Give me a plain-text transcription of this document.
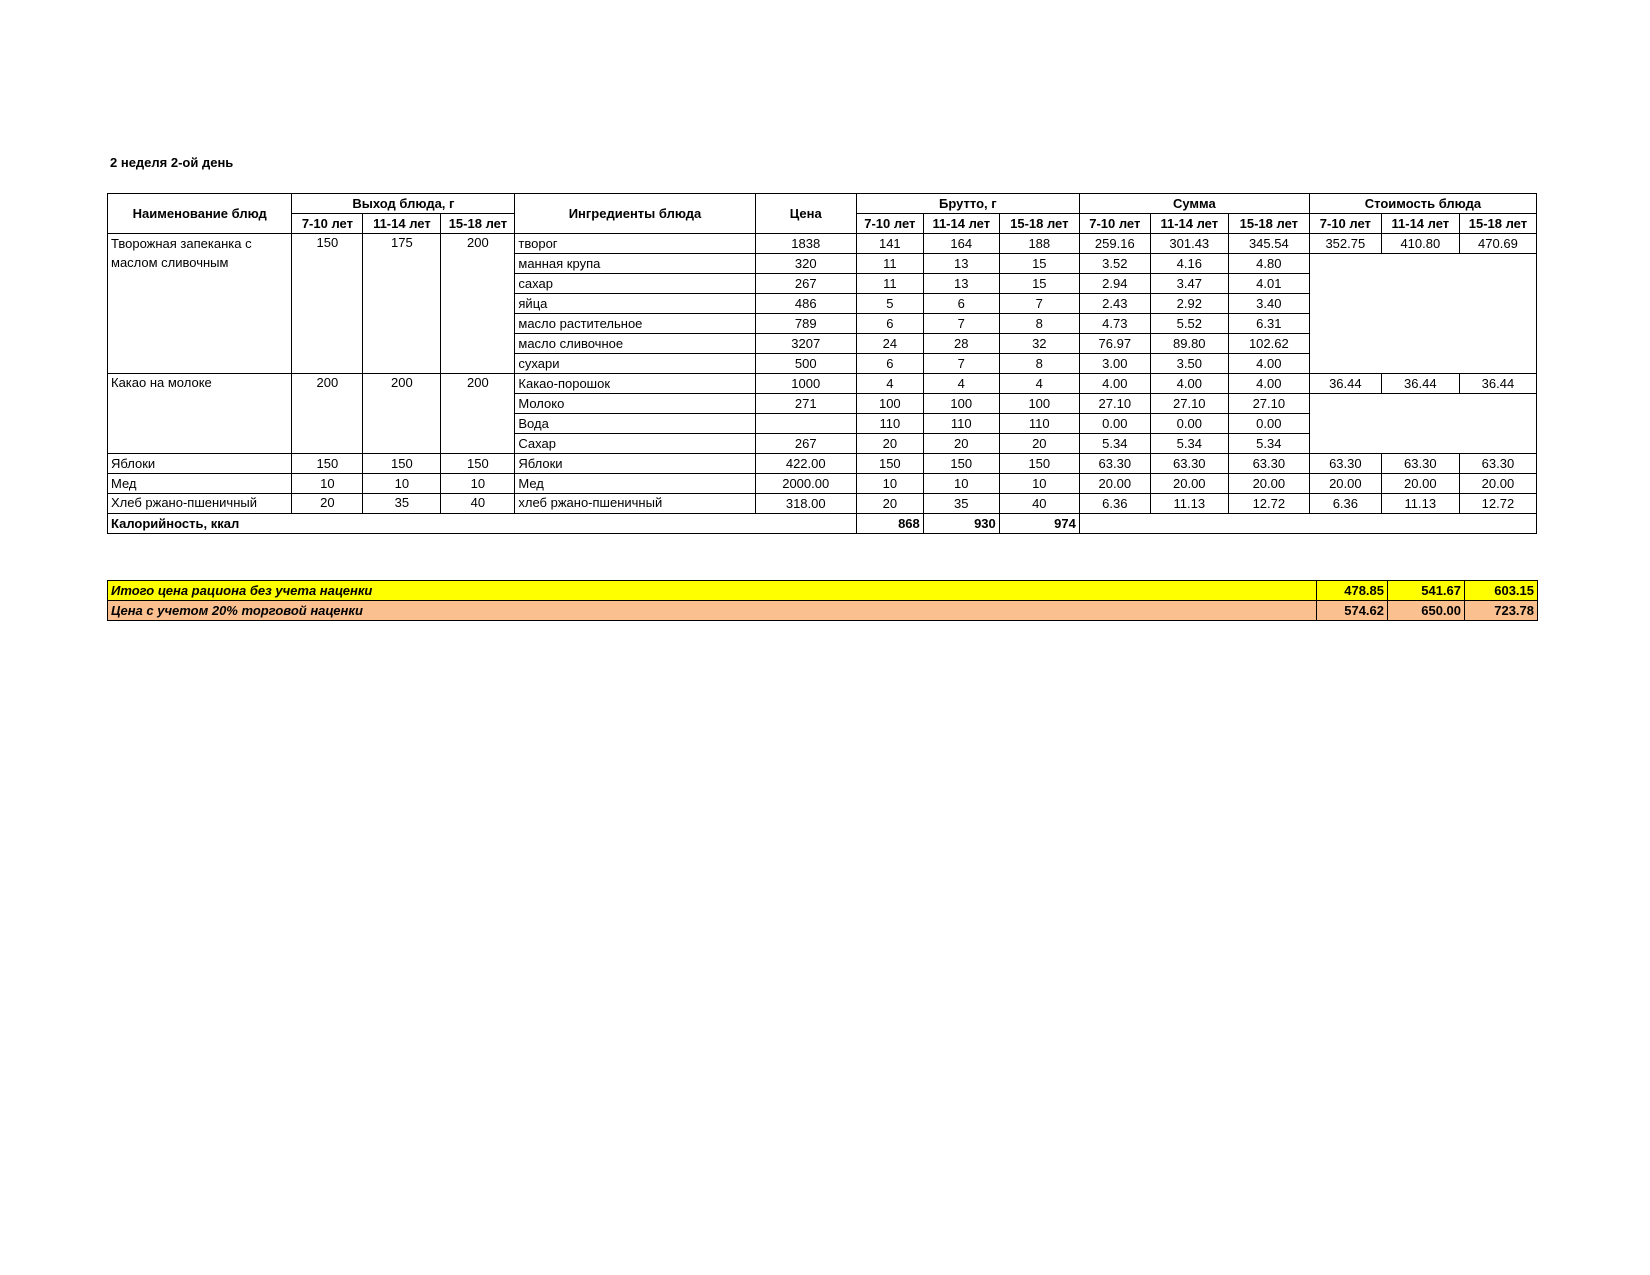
2 неделя 2-ой день
Наименование блюд	Выход блюда, г			Ингредиенты блюда	Цена	Брутто, г			Сумма			Стоимость блюда		
	7-10 лет	11-14 лет	15-18 лет			7-10 лет	11-14 лет	15-18 лет	7-10 лет	11-14 лет	15-18 лет	7-10 лет	11-14 лет	15-18 лет
Творожная запеканка с маслом сливочным	150	175	200	творог	1838	141	164	188	259.16	301.43	345.54	352.75	410.80	470.69
				манная крупа	320	11	13	15	3.52	4.16	4.80			
				сахар	267	11	13	15	2.94	3.47	4.01			
				яйца	486	5	6	7	2.43	2.92	3.40			
				масло растительное	789	6	7	8	4.73	5.52	6.31			
				масло сливочное	3207	24	28	32	76.97	89.80	102.62			
				сухари	500	6	7	8	3.00	3.50	4.00			
Какао на молоке	200	200	200	Какао-порошок	1000	4	4	4	4.00	4.00	4.00	36.44	36.44	36.44
				Молоко	271	100	100	100	27.10	27.10	27.10			
				Вода		110	110	110	0.00	0.00	0.00			
				Сахар	267	20	20	20	5.34	5.34	5.34			
Яблоки	150	150	150	Яблоки	422.00	150	150	150	63.30	63.30	63.30	63.30	63.30	63.30
Мед	10	10	10	Мед	2000.00	10	10	10	20.00	20.00	20.00	20.00	20.00	20.00
Хлеб ржано-пшеничный	20	35	40	хлеб ржано-пшеничный	318.00	20	35	40	6.36	11.13	12.72	6.36	11.13	12.72
Калорийность, ккал						868	930	974						
Итого цена рациона без учета наценки	478.85	541.67	603.15
Цена с учетом 20% торговой наценки	574.62	650.00	723.78
